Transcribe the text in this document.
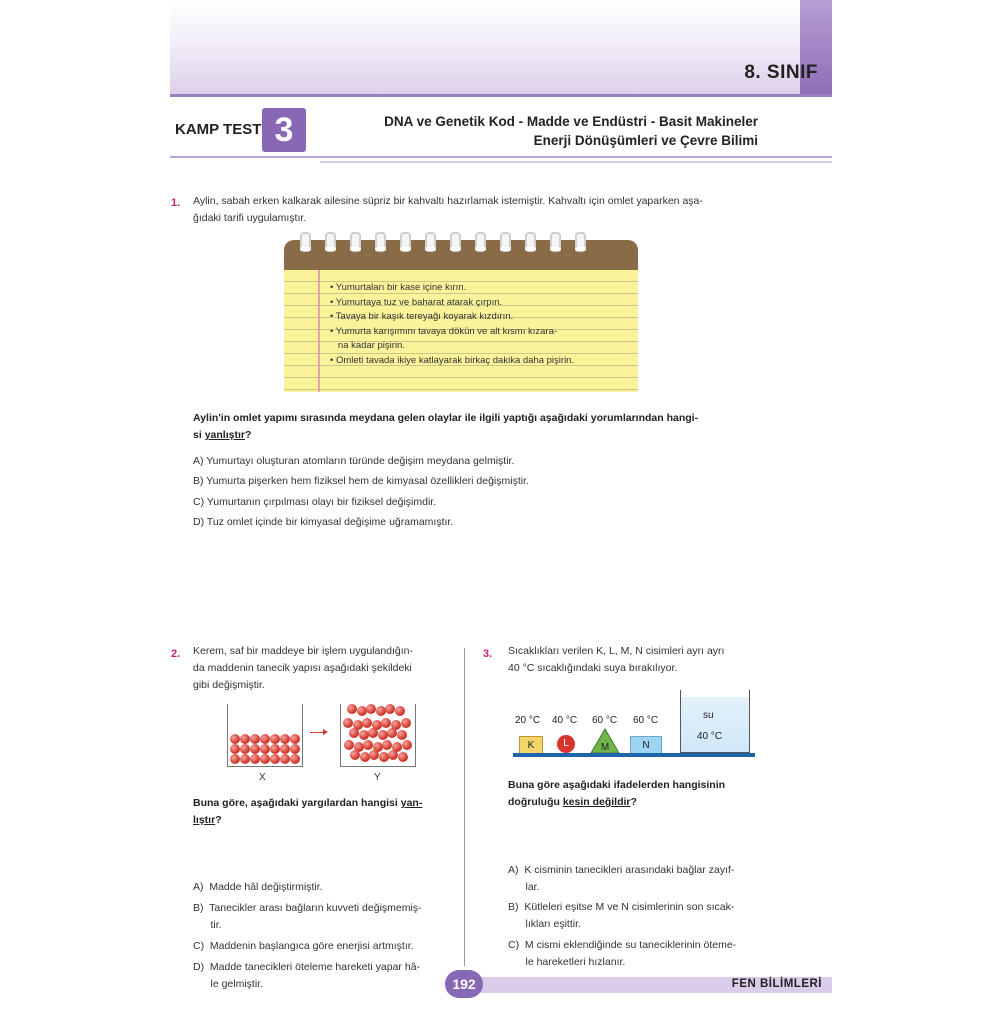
8. SINIF
KAMP TEST 3	DNA ve Genetik Kod - Madde ve Endüstri - Basit Makineler
Enerji Dönüşümleri ve Çevre Bilimi
1. Aylin, sabah erken kalkarak ailesine süpriz bir kahvaltı hazırlamak istemiştir. Kahvaltı için omlet yaparken aşa-
ğıdaki tarifi uygulamıştır.
• Yumurtaları bir kase içine kırın.
• Yumurtaya tuz ve baharat atarak çırpın.
• Tavaya bir kaşık tereyağı koyarak kızdırın.
• Yumurta karışımını tavaya dökün ve alt kısmı kızara-
na kadar pişirin.
• Omleti tavada ikiye katlayarak birkaç dakika daha pişirin.
Aylin'in omlet yapımı sırasında meydana gelen olaylar ile ilgili yaptığı aşağıdaki yorumlarından hangi-
si yanlıştır?
A) Yumurtayı oluşturan atomların türünde değişim meydana gelmiştir.
B) Yumurta pişerken hem fiziksel hem de kimyasal özellikleri değişmiştir.
C) Yumurtanın çırpılması olayı bir fiziksel değişimdir.
D) Tuz omlet içinde bir kimyasal değişime uğramamıştır.
2. Kerem, saf bir maddeye bir işlem uygulandığın-
da maddenin tanecik yapısı aşağıdaki şekildeki
gibi değişmiştir.
X	Y
Buna göre, aşağıdaki yargılardan hangisi yan-
lıştır?

A)  Madde hâl değiştirmiştir.

B)  Tanecikler arası bağların kuvveti değişmemiş-
tir.

C)  Maddenin başlangıca göre enerjisi artmıştır.

D)  Madde tanecikleri öteleme hareketi yapar hâ-
le gelmiştir.

3. Sıcaklıkları verilen K, L, M, N cisimleri ayrı ayrı
40 °C sıcaklığındaki suya bırakılıyor.
20 °C 40 °C 60 °C 60 °C
K	L	M	N
su
40 °C
Buna göre aşağıdaki ifadelerden hangisinin
doğruluğu kesin değildir?

A)  K cisminin tanecikleri arasındaki bağlar zayıf-
lar.

B)  Kütleleri eşitse M ve N cisimlerinin son sıcak-
lıkları eşittir.

C)  M cismi eklendiğinde su taneciklerinin öteme-
le hareketleri hızlanır.

192	FEN BİLİMLERİ
